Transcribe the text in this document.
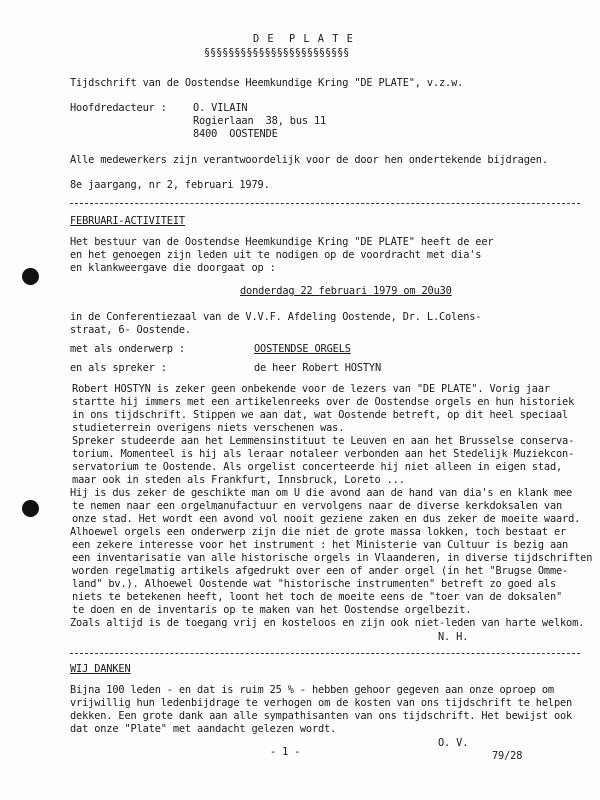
D E  P L A T E
§§§§§§§§§§§§§§§§§§§§§§§§
Tijdschrift van de Oostendse Heemkundige Kring "DE PLATE", v.z.w.
Hoofdredacteur :	O. VILAIN
Rogierlaan  38, bus 11
8400  OOSTENDE
Alle medewerkers zijn verantwoordelijk voor de door hen ondertekende bijdragen.
8e jaargang, nr 2, februari 1979.
FEBRUARI-ACTIVITEIT
Het bestuur van de Oostendse Heemkundige Kring "DE PLATE" heeft de eer
en het genoegen zijn leden uit te nodigen op de voordracht met dia's
en klankweergave die doorgaat op :
donderdag 22 februari 1979 om 20u30
in de Conferentiezaal van de V.V.F. Afdeling Oostende, Dr. L.Colens-
straat, 6- Oostende.
met als onderwerp :	OOSTENDSE ORGELS
en als spreker :	de heer Robert HOSTYN
Robert HOSTYN is zeker geen onbekende voor de lezers van "DE PLATE". Vorig jaar
startte hij immers met een artikelenreeks over de Oostendse orgels en hun historiek
in ons tijdschrift. Stippen we aan dat, wat Oostende betreft, op dit heel speciaal
studieterrein overigens niets verschenen was.
Spreker studeerde aan het Lemmensinstituut te Leuven en aan het Brusselse conserva-
torium. Momenteel is hij als leraar notaleer verbonden aan het Stedelijk Muziekcon-
servatorium te Oostende. Als orgelist concerteerde hij niet alleen in eigen stad,
maar ook in steden als Frankfurt, Innsbruck, Loreto ...
Hij is dus zeker de geschikte man om U die avond aan de hand van dia's en klank mee
te nemen naar een orgelmanufactuur en vervolgens naar de diverse kerkdoksalen van
onze stad. Het wordt een avond vol nooit geziene zaken en dus zeker de moeite waard.
Alhoewel orgels een onderwerp zijn die niet de grote massa lokken, toch bestaat er
een zekere interesse voor het instrument : het Ministerie van Cultuur is bezig aan
een inventarisatie van alle historische orgels in Vlaanderen, in diverse tijdschriften
worden regelmatig artikels afgedrukt over een of ander orgel (in het "Brugse Omme-
land" bv.). Alhoewel Oostende wat "historische instrumenten" betreft zo goed als
niets te betekenen heeft, loont het toch de moeite eens de "toer van de doksalen"
te doen en de inventaris op te maken van het Oostendse orgelbezit.
Zoals altijd is de toegang vrij en kosteloos en zijn ook niet-leden van harte welkom.
N. H.
WIJ DANKEN
Bijna 100 leden - en dat is ruim 25 % - hebben gehoor gegeven aan onze oproep om
vrijwillig hun ledenbijdrage te verhogen om de kosten van ons tijdschrift te helpen
dekken. Een grote dank aan alle sympathisanten van ons tijdschrift. Het bewijst ook
dat onze "Plate" met aandacht gelezen wordt.
O. V.
- 1 -	79/28
